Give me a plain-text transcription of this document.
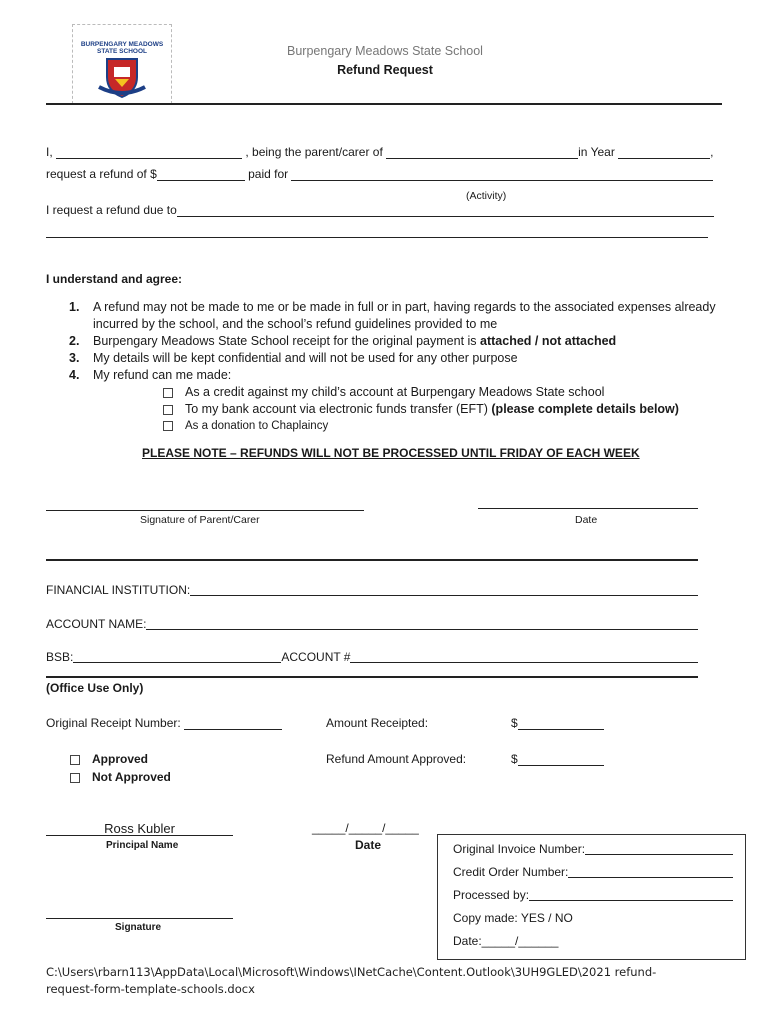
BURPENGARY MEADOWS
STATE SCHOOL	Burpengary Meadows State School
Refund Request
I,	, being the parent/carer of	in Year	,
request a refund of $	paid for
(Activity)
I request a refund due to
I understand and agree:
1. A refund may not be made to me or be made in full or in part, having regards to the associated expenses already incurred by the school, and the school’s refund guidelines provided to me
2. Burpengary Meadows State School receipt for the original payment is attached / not attached
3. My details will be kept confidential and will not be used for any other purpose
4. My refund can me made:
As a credit against my child’s account at Burpengary Meadows State school
To my bank account via electronic funds transfer (EFT) (please complete details below)
As a donation to Chaplaincy
PLEASE NOTE – REFUNDS WILL NOT BE PROCESSED UNTIL FRIDAY OF EACH WEEK
Signature of Parent/Carer	Date
FINANCIAL INSTITUTION:
ACCOUNT NAME:
BSB:	ACCOUNT #
(Office Use Only)
Original Receipt Number:	Amount Receipted:	$
Approved
Not Approved
Refund Amount Approved:	$
Ross Kubler
Principal Name
_____/_____/_____
Date
Signature
Original Invoice Number:
Credit Order Number:
Processed by:
Copy made: YES / NO
Date:_____/______
C:\Users\rbarn113\AppData\Local\Microsoft\Windows\INetCache\Content.Outlook\3UH9GLED\2021 refund-
request-form-template-schools.docx
